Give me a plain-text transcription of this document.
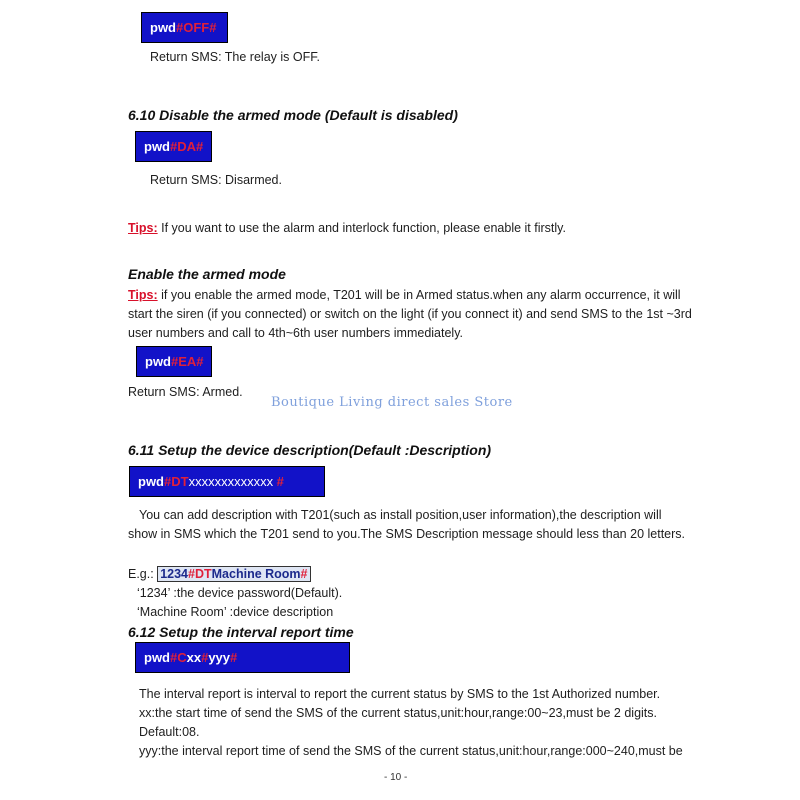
pwd#OFF#
Return SMS: The relay is OFF.
6.10 Disable the armed mode (Default is disabled)
pwd#DA#
Return SMS: Disarmed.
Tips: If you want to use the alarm and interlock function, please enable it firstly.
Enable the armed mode
Tips: if you enable the armed mode, T201 will be in Armed status.when any alarm occurrence, it will
start the siren (if you connected) or switch on the light (if you connect it) and send SMS to the 1st ~3rd
user numbers and call to 4th~6th user numbers immediately.
pwd#EA#
Return SMS: Armed.
Boutique Living direct sales Store
6.11 Setup the device description(Default :Description)
pwd#DTxxxxxxxxxxxxx #
You can add description with T201(such as install position,user information),the description will
show in SMS which the T201 send to you.The SMS Description message should less than 20 letters.
E.g.: 1234#DTMachine Room#
‘1234’ :the device password(Default).
‘Machine Room’ :device description
6.12 Setup the interval report time
pwd#Cxx#yyy#
The interval report is interval to report the current status by SMS to the 1st Authorized number.
xx:the start time of send the SMS of the current status,unit:hour,range:00~23,must be 2 digits.
Default:08.
yyy:the interval report time of send the SMS of the current status,unit:hour,range:000~240,must be
- 10 -
